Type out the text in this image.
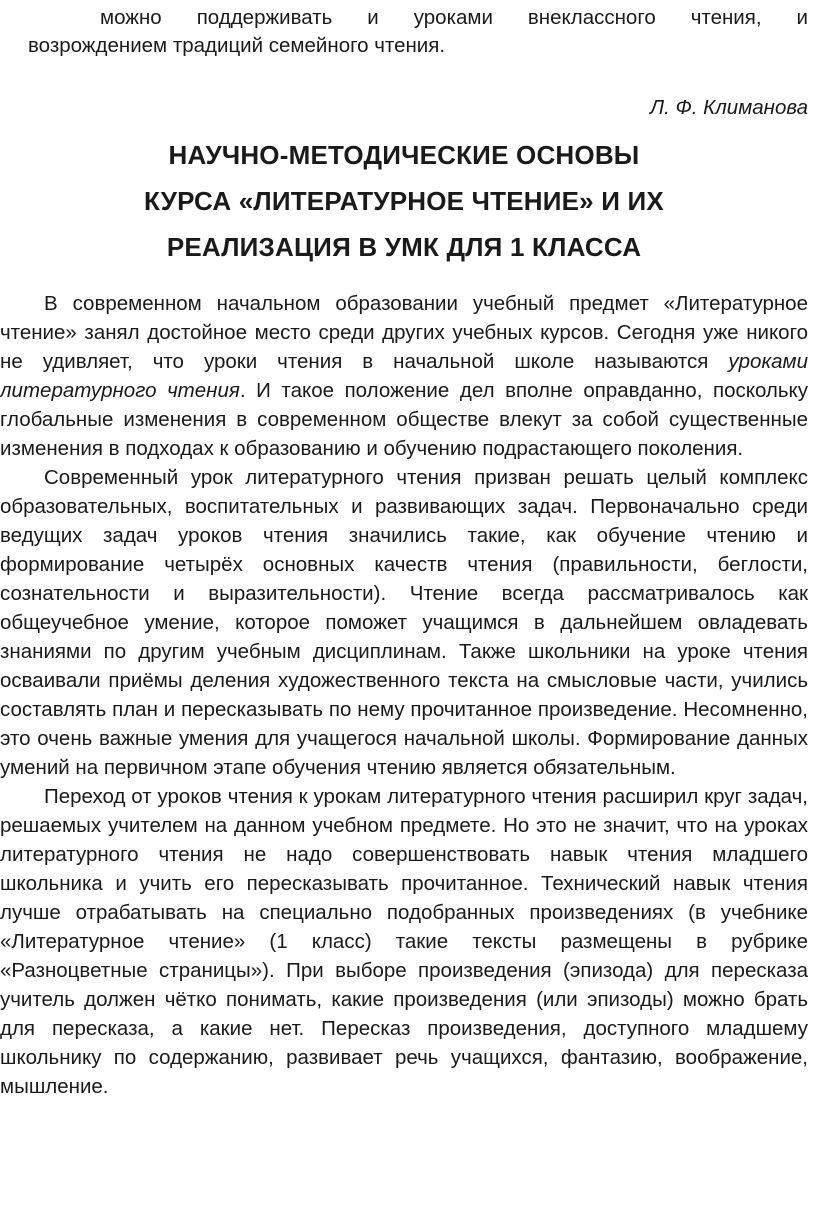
можно поддерживать и уроками внеклассного чтения, и
возрождением традиций семейного чтения.
Л. Ф. Климанова
НАУЧНО-МЕТОДИЧЕСКИЕ ОСНОВЫ
КУРСА «ЛИТЕРАТУРНОЕ ЧТЕНИЕ» И ИХ
РЕАЛИЗАЦИЯ В УМК ДЛЯ 1 КЛАССА

В современном начальном образовании учебный предмет «Литературное чтение» занял достойное место среди других учебных курсов. Сегодня уже никого не удивляет, что уроки чтения в начальной школе называются уроками литературного чтения. И такое положение дел вполне оправданно, поскольку глобальные изменения в современном обществе влекут за собой существенные изменения в подходах к образованию и обучению подрастающего поколения.

Современный урок литературного чтения призван решать целый комплекс образовательных, воспитательных и развивающих задач. Первоначально среди ведущих задач уроков чтения значились такие, как обучение чтению и формирование четырёх основных качеств чтения (правильности, беглости, сознательности и выразительности). Чтение всегда рассматривалось как общеучебное умение, которое поможет учащимся в дальнейшем овладевать знаниями по другим учебным дисциплинам. Также школьники на уроке чтения осваивали приёмы деления художественного текста на смысловые части, учились составлять план и пересказывать по нему прочитанное произведение. Несомненно, это очень важные умения для учащегося начальной школы. Формирование данных умений на первичном этапе обучения чтению является обязательным.

Переход от уроков чтения к урокам литературного чтения расширил круг задач, решаемых учителем на данном учебном предмете. Но это не значит, что на уроках литературного чтения не надо совершенствовать навык чтения младшего школьника и учить его пересказывать прочитанное. Технический навык чтения лучше отрабатывать на специально подобранных произведениях (в учебнике «Литературное чтение» (1 класс) такие тексты размещены в рубрике «Разноцветные страницы»). При выборе произведения (эпизода) для пересказа учитель должен чётко понимать, какие произведения (или эпизоды) можно брать для пересказа, а какие нет. Пересказ произведения, доступного младшему школьнику по содержанию, развивает речь учащихся, фантазию, воображение, мышление.
